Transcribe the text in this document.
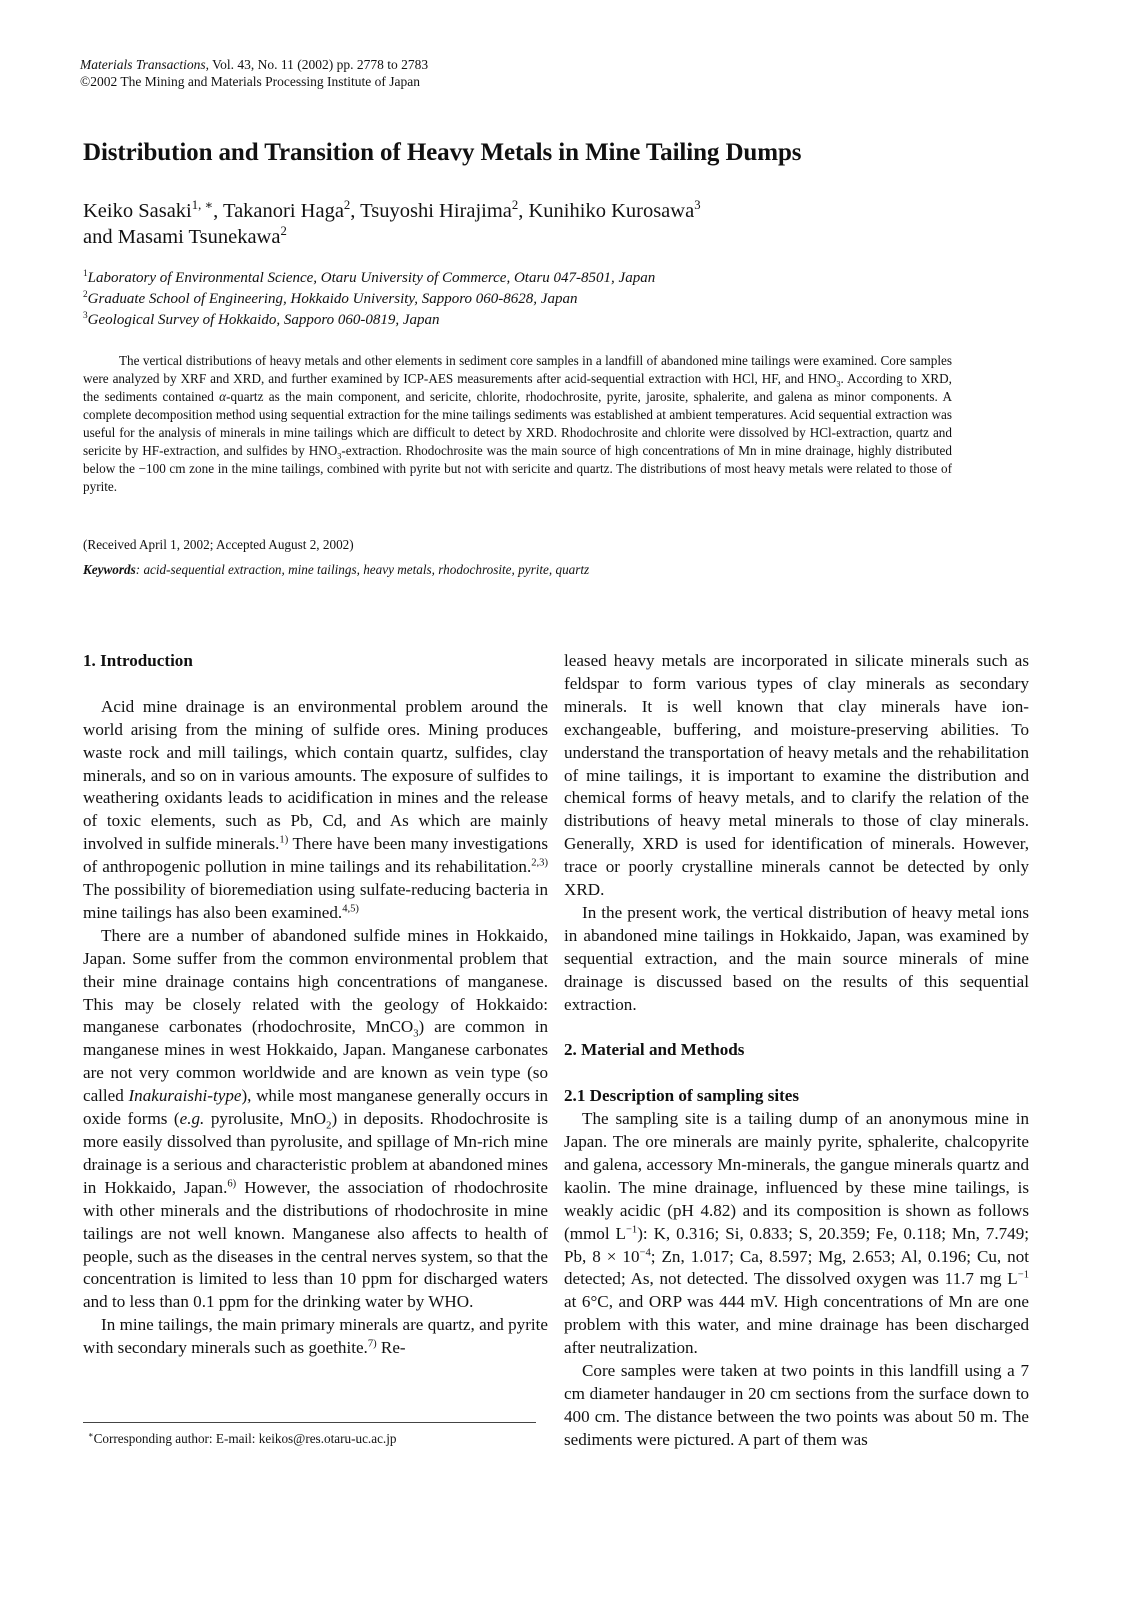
Materials Transactions, Vol. 43, No. 11 (2002) pp. 2778 to 2783
©2002 The Mining and Materials Processing Institute of Japan
Distribution and Transition of Heavy Metals in Mine Tailing Dumps
Keiko Sasaki$^{1, ∗}$, Takanori Haga$^2$, Tsuyoshi Hirajima$^2$, Kunihiko Kurosawa$^3$
and Masami Tsunekawa$^2$
$^1$Laboratory of Environmental Science, Otaru University of Commerce, Otaru 047-8501, Japan
$^2$Graduate School of Engineering, Hokkaido University, Sapporo 060-8628, Japan
$^3$Geological Survey of Hokkaido, Sapporo 060-0819, Japan

The vertical distributions of heavy metals and other elements in sediment core samples in a landfill of abandoned mine tailings were examined. Core samples were analyzed by XRF and XRD, and further examined by ICP-AES measurements after acid-sequential extraction with HCl, HF, and $HNO_3$. According to XRD, the sediments contained α-quartz as the main component, and sericite, chlorite, rhodochrosite, pyrite, jarosite, sphalerite, and galena as minor components. A complete decomposition method using sequential extraction for the mine tailings sediments was established at ambient temperatures. Acid sequential extraction was useful for the analysis of minerals in mine tailings which are difficult to detect by XRD. Rhodochrosite and chlorite were dissolved by HCl-extraction, quartz and sericite by HF-extraction, and sulfides by $HNO_3$-extraction. Rhodochrosite was the main source of high concentrations of Mn in mine drainage, highly distributed below the −100 cm zone in the mine tailings, combined with pyrite but not with sericite and quartz. The distributions of most heavy metals were related to those of pyrite.

(Received April 1, 2002; Accepted August 2, 2002)
Keywords: acid-sequential extraction, mine tailings, heavy metals, rhodochrosite, pyrite, quartz

1. Introduction

Acid mine drainage is an environmental problem around the world arising from the mining of sulfide ores. Mining produces waste rock and mill tailings, which contain quartz, sulfides, clay minerals, and so on in various amounts. The exposure of sulfides to weathering oxidants leads to acidification in mines and the release of toxic elements, such as Pb, Cd, and As which are mainly involved in sulfide minerals.$^{1)}$ There have been many investigations of anthropogenic pollution in mine tailings and its rehabilitation.$^{2,3)}$ The possibility of bioremediation using sulfate-reducing bacteria in mine tailings has also been examined.$^{4,5)}$

There are a number of abandoned sulfide mines in Hokkaido, Japan. Some suffer from the common environmental problem that their mine drainage contains high concentrations of manganese. This may be closely related with the geology of Hokkaido: manganese carbonates (rhodochrosite, MnCO$_3$) are common in manganese mines in west Hokkaido, Japan. Manganese carbonates are not very common worldwide and are known as vein type (so called Inakuraishi-type), while most manganese generally occurs in oxide forms (e.g. pyrolusite, MnO$_2$) in deposits. Rhodochrosite is more easily dissolved than pyrolusite, and spillage of Mn-rich mine drainage is a serious and characteristic problem at abandoned mines in Hokkaido, Japan.$^{6)}$ However, the association of rhodochrosite with other minerals and the distributions of rhodochrosite in mine tailings are not well known. Manganese also affects to health of people, such as the diseases in the central nerves system, so that the concentration is limited to less than 10 ppm for discharged waters and to less than 0.1 ppm for the drinking water by WHO.

In mine tailings, the main primary minerals are quartz, and pyrite with secondary minerals such as goethite.$^{7)}$ Re-

leased heavy metals are incorporated in silicate minerals such as feldspar to form various types of clay minerals as secondary minerals. It is well known that clay minerals have ion-exchangeable, buffering, and moisture-preserving abilities. To understand the transportation of heavy metals and the rehabilitation of mine tailings, it is important to examine the distribution and chemical forms of heavy metals, and to clarify the relation of the distributions of heavy metal minerals to those of clay minerals. Generally, XRD is used for identification of minerals. However, trace or poorly crystalline minerals cannot be detected by only XRD.

In the present work, the vertical distribution of heavy metal ions in abandoned mine tailings in Hokkaido, Japan, was examined by sequential extraction, and the main source minerals of mine drainage is discussed based on the results of this sequential extraction.

2. Material and Methods

2.1 Description of sampling sites

The sampling site is a tailing dump of an anonymous mine in Japan. The ore minerals are mainly pyrite, sphalerite, chalcopyrite and galena, accessory Mn-minerals, the gangue minerals quartz and kaolin. The mine drainage, influenced by these mine tailings, is weakly acidic (pH 4.82) and its composition is shown as follows (mmol $L^{-1}$): K, 0.316; Si, 0.833; S, 20.359; Fe, 0.118; Mn, 7.749; Pb, $8 \times 10^{-4}$; Zn, 1.017; Ca, 8.597; Mg, 2.653; Al, 0.196; Cu, not detected; As, not detected. The dissolved oxygen was 11.7 mg $L^{-1}$ at 6°C, and ORP was 444 mV. High concentrations of Mn are one problem with this water, and mine drainage has been discharged after neutralization.

Core samples were taken at two points in this landfill using a 7 cm diameter handauger in 20 cm sections from the surface down to 400 cm. The distance between the two points was about 50 m. The sediments were pictured. A part of them was

∗Corresponding author: E-mail: keikos@res.otaru-uc.ac.jp
